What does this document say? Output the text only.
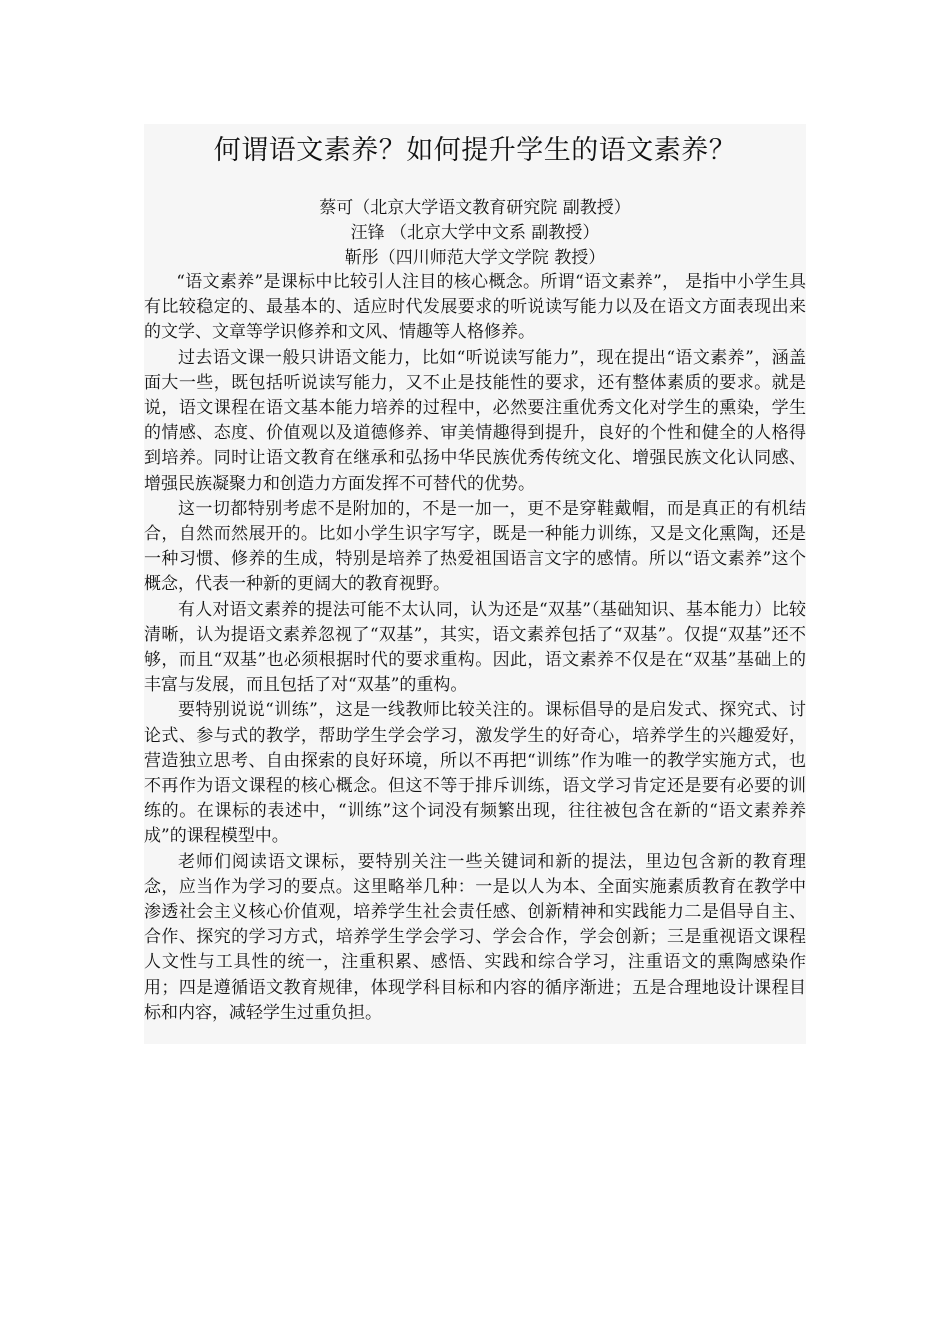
何谓语文素养？如何提升学生的语文素养？
蔡可（北京大学语文教育研究院 副教授）
汪锋 （北京大学中文系 副教授）
靳彤（四川师范大学文学院 教授）

“语文素养”是课标中比较引人注目的核心概念。所谓“语文素养”， 是指中小学生具有比较稳定的、最基本的、适应时代发展要求的听说读写能力以及在语文方面表现出来的文学、文章等学识修养和文风、情趣等人格修养。

过去语文课一般只讲语文能力，比如“听说读写能力”，现在提出“语文素养”，涵盖面大一些，既包括听说读写能力，又不止是技能性的要求，还有整体素质的要求。就是说，语文课程在语文基本能力培养的过程中，必然要注重优秀文化对学生的熏染，学生的情感、态度、价值观以及道德修养、审美情趣得到提升，良好的个性和健全的人格得到培养。同时让语文教育在继承和弘扬中华民族优秀传统文化、增强民族文化认同感、增强民族凝聚力和创造力方面发挥不可替代的优势。

这一切都特别考虑不是附加的，不是一加一，更不是穿鞋戴帽，而是真正的有机结合，自然而然展开的。比如小学生识字写字，既是一种能力训练，又是文化熏陶，还是一种习惯、修养的生成，特别是培养了热爱祖国语言文字的感情。所以“语文素养”这个概念，代表一种新的更阔大的教育视野。

有人对语文素养的提法可能不太认同，认为还是“双基”（基础知识、基本能力）比较清晰，认为提语文素养忽视了“双基”，其实，语文素养包括了“双基”。仅提“双基”还不够，而且“双基”也必须根据时代的要求重构。因此，语文素养不仅是在“双基”基础上的丰富与发展，而且包括了对“双基”的重构。

要特别说说“训练”，这是一线教师比较关注的。课标倡导的是启发式、探究式、讨论式、参与式的教学，帮助学生学会学习，激发学生的好奇心，培养学生的兴趣爱好，营造独立思考、自由探索的良好环境，所以不再把“训练”作为唯一的教学实施方式，也不再作为语文课程的核心概念。但这不等于排斥训练，语文学习肯定还是要有必要的训练的。在课标的表述中，“训练”这个词没有频繁出现，往往被包含在新的“语文素养养成”的课程模型中。

老师们阅读语文课标，要特别关注一些关键词和新的提法，里边包含新的教育理念，应当作为学习的要点。这里略举几种：一是以人为本、全面实施素质教育在教学中渗透社会主义核心价值观，培养学生社会责任感、创新精神和实践能力二是倡导自主、合作、探究的学习方式，培养学生学会学习、学会合作，学会创新；三是重视语文课程人文性与工具性的统一，注重积累、感悟、实践和综合学习，注重语文的熏陶感染作用；四是遵循语文教育规律，体现学科目标和内容的循序渐进；五是合理地设计课程目标和内容，减轻学生过重负担。
